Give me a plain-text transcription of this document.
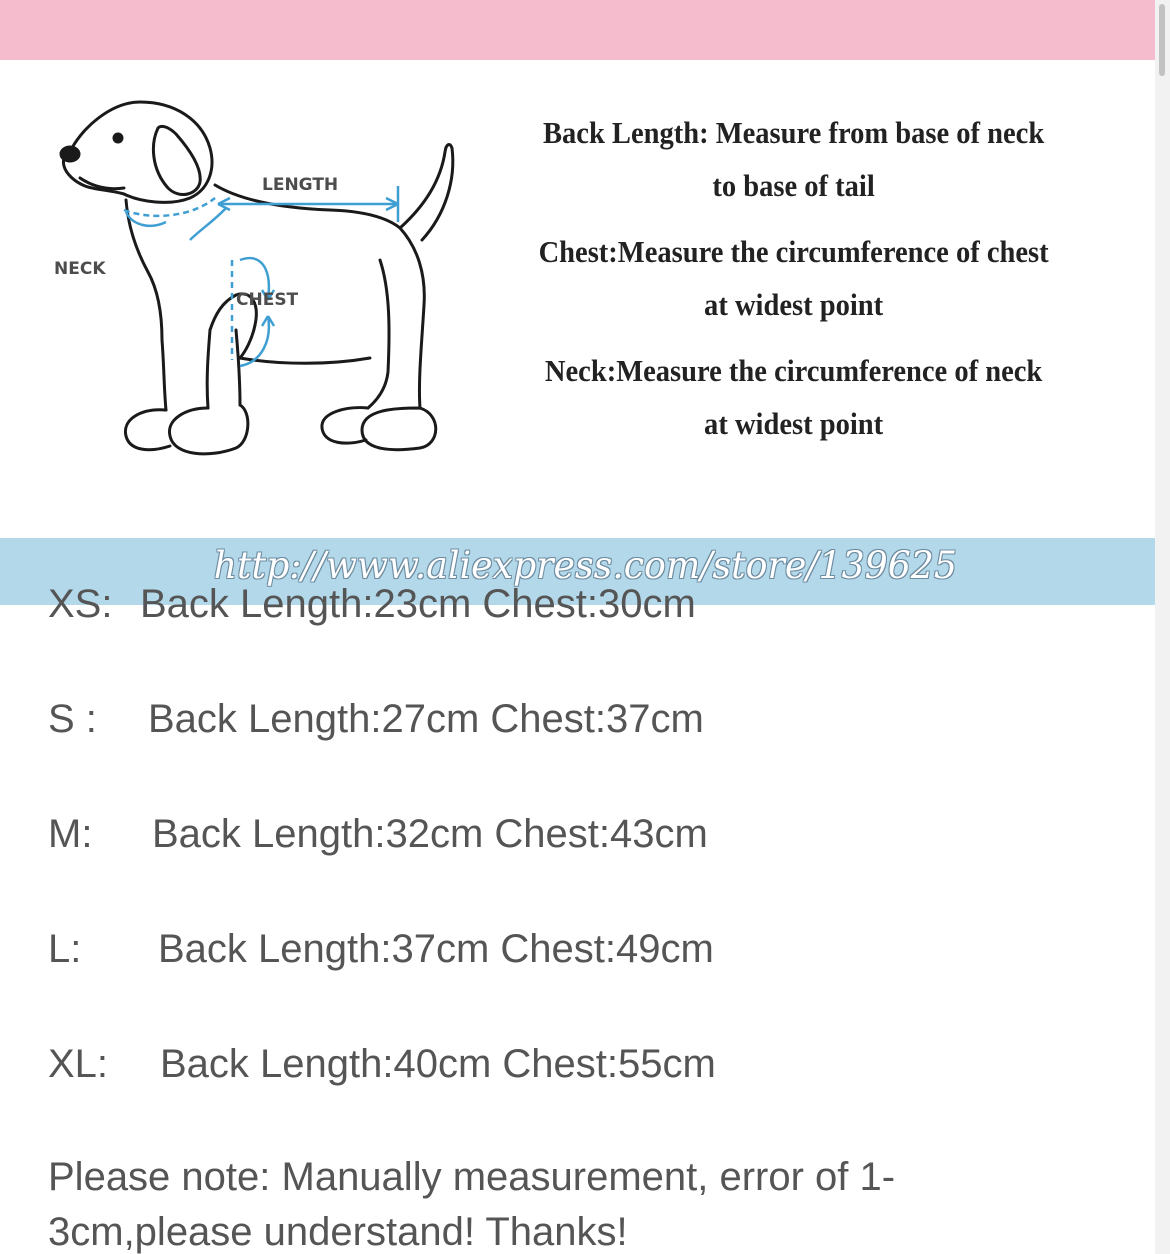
LENGTH
NECK
CHEST
Back Length: Measure from base of neck
to base of tail
Chest:Measure the circumference of chest
at widest point
Neck:Measure the circumference of neck
at widest point
http://www.aliexpress.com/store/139625
XS: Back Length:23cm Chest:30cm
S :	Back Length:27cm Chest:37cm
M:	Back Length:32cm Chest:43cm
L:	Back Length:37cm Chest:49cm
XL:	Back Length:40cm Chest:55cm
Please note: Manually measurement, error of 1-3cm,please understand! Thanks!
